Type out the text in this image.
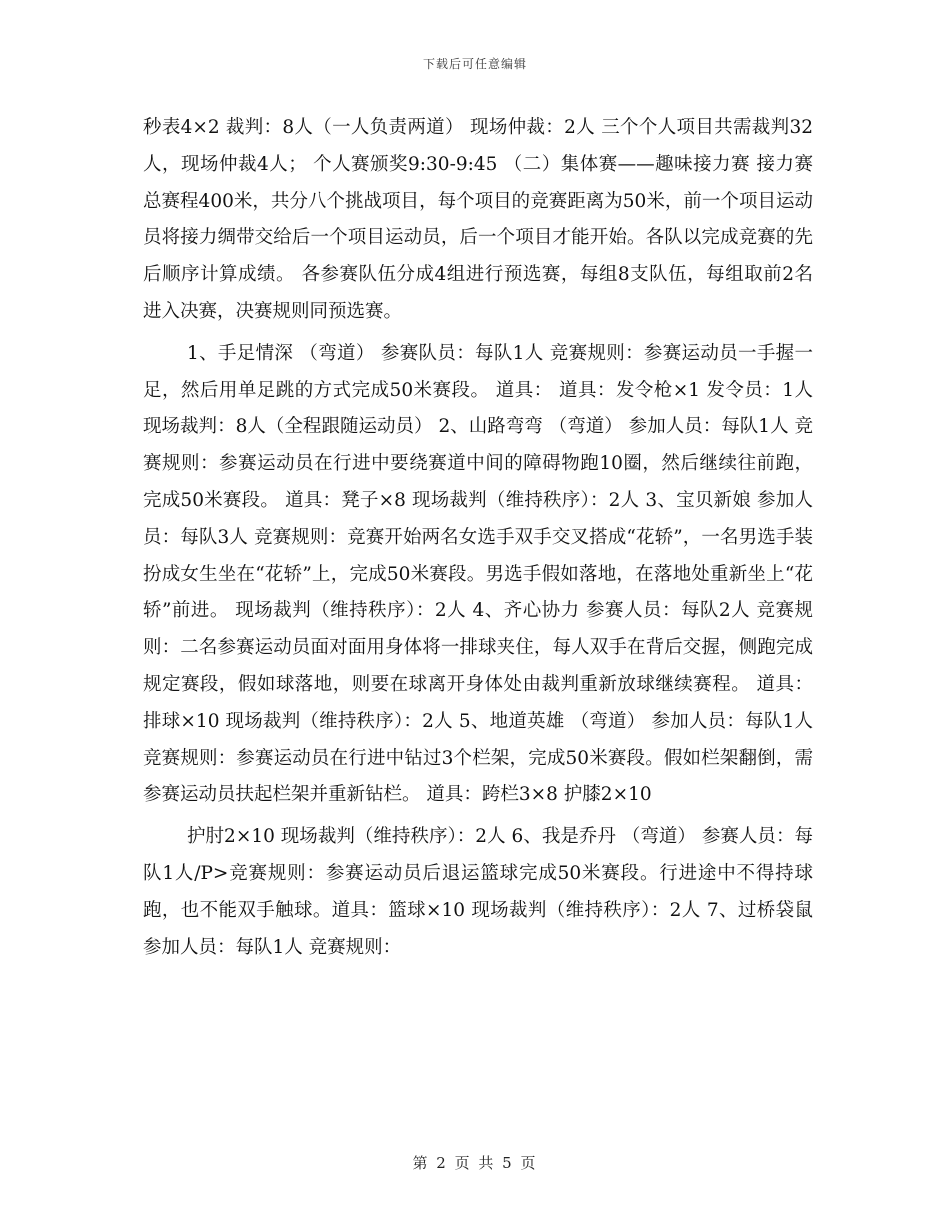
下载后可任意编辑

秒表4×2 裁判：8人（一人负责两道） 现场仲裁：2人 三个个人项目共需裁判32人，现场仲裁4人； 个人赛颁奖9:30-9:45 （二）集体赛——趣味接力赛 接力赛总赛程400米，共分八个挑战项目，每个项目的竞赛距离为50米，前一个项目运动员将接力绸带交给后一个项目运动员，后一个项目才能开始。各队以完成竞赛的先后顺序计算成绩。 各参赛队伍分成4组进行预选赛，每组8支队伍，每组取前2名进入决赛，决赛规则同预选赛。

1、手足情深 （弯道） 参赛队员：每队1人 竞赛规则：参赛运动员一手握一足，然后用单足跳的方式完成50米赛段。 道具： 道具：发令枪×1 发令员：1人 现场裁判：8人（全程跟随运动员） 2、山路弯弯 （弯道） 参加人员：每队1人 竞赛规则：参赛运动员在行进中要绕赛道中间的障碍物跑10圈，然后继续往前跑，完成50米赛段。 道具：凳子×8 现场裁判（维持秩序）：2人 3、宝贝新娘 参加人员：每队3人 竞赛规则：竞赛开始两名女选手双手交叉搭成“花轿”，一名男选手装扮成女生坐在“花轿”上，完成50米赛段。男选手假如落地，在落地处重新坐上“花轿”前进。 现场裁判（维持秩序）：2人 4、齐心协力 参赛人员：每队2人 竞赛规则：二名参赛运动员面对面用身体将一排球夹住，每人双手在背后交握，侧跑完成规定赛段，假如球落地，则要在球离开身体处由裁判重新放球继续赛程。 道具：排球×10 现场裁判（维持秩序）：2人 5、地道英雄 （弯道） 参加人员：每队1人 竞赛规则：参赛运动员在行进中钻过3个栏架，完成50米赛段。假如栏架翻倒，需参赛运动员扶起栏架并重新钻栏。 道具：跨栏3×8 护膝2×10

护肘2×10 现场裁判（维持秩序）：2人 6、我是乔丹 （弯道） 参赛人员：每队1人/P>竞赛规则：参赛运动员后退运篮球完成50米赛段。行进途中不得持球跑，也不能双手触球。道具：篮球×10 现场裁判（维持秩序）：2人 7、过桥袋鼠 参加人员：每队1人 竞赛规则：

第 2 页 共 5 页
